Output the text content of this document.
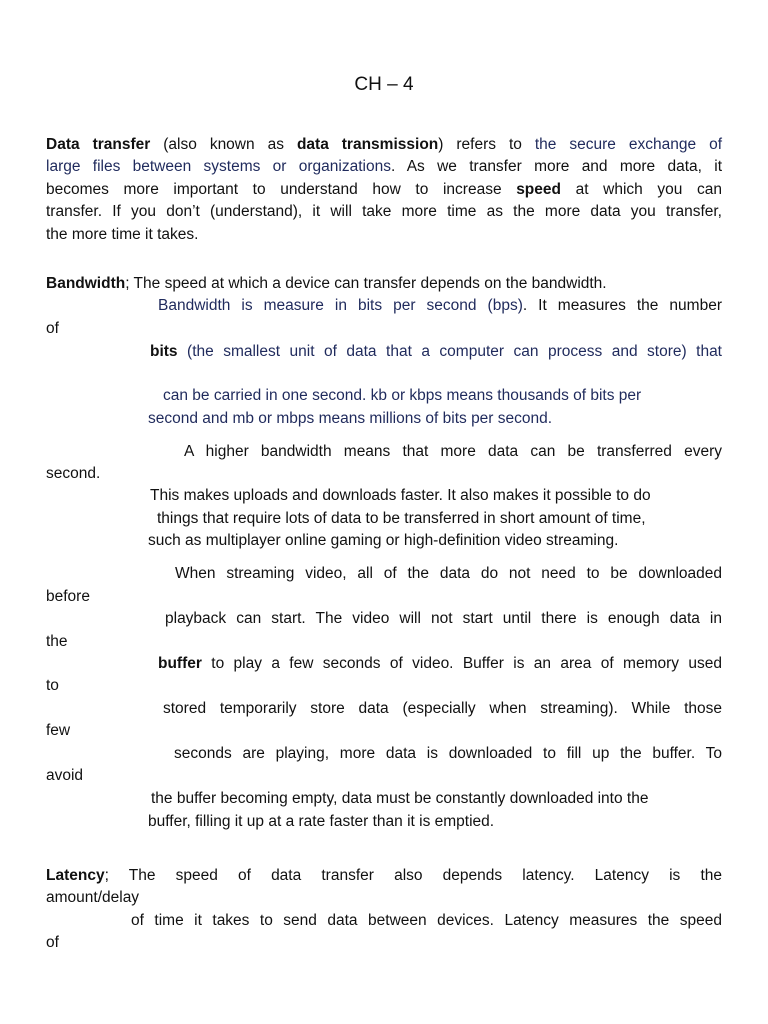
CH – 4
Data transfer (also known as data transmission) refers to the secure exchange of
large files between systems or organizations. As we transfer more and more data, it
becomes more important to understand how to increase speed at which you can
transfer. If you don’t (understand), it will take more time as the more data you transfer,
the more time it takes.
Bandwidth; The speed at which a device can transfer depends on the bandwidth.
Bandwidth is measure in bits per second (bps). It measures the number
of
bits (the smallest unit of data that a computer can process and store) that
can be carried in one second. kb or kbps means thousands of bits per
second and mb or mbps means millions of bits per second.
A higher bandwidth means that more data can be transferred every
second.
This makes uploads and downloads faster. It also makes it possible to do
things that require lots of data to be transferred in short amount of time,
such as multiplayer online gaming or high-definition video streaming.
When streaming video, all of the data do not need to be downloaded
before
playback can start. The video will not start until there is enough data in
the
buffer to play a few seconds of video. Buffer is an area of memory used
to
stored temporarily store data (especially when streaming). While those
few
seconds are playing, more data is downloaded to fill up the buffer. To
avoid
the buffer becoming empty, data must be constantly downloaded into the
buffer, filling it up at a rate faster than it is emptied.
Latency; The speed of data transfer also depends latency. Latency is the
amount/delay
of time it takes to send data between devices. Latency measures the speed
of
